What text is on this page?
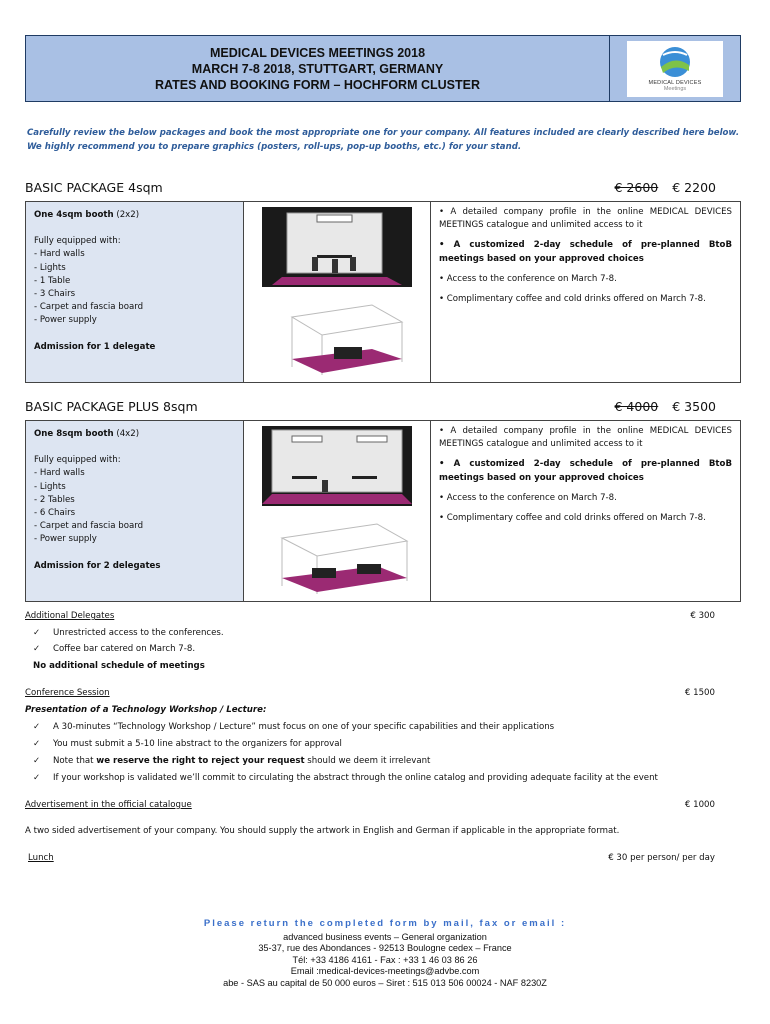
MEDICAL DEVICES MEETINGS 2018
MARCH 7-8 2018, STUTTGART, GERMANY
RATES AND BOOKING FORM – HOCHFORM CLUSTER	MEDICAL DEVICES
Meetings
Carefully review the below packages and book the most appropriate one for your company. All features included are clearly described here below.
We highly recommend you to prepare graphics (posters, roll-ups, pop-up booths, etc.) for your stand.
BASIC PACKAGE 4sqm	€ 2600 € 2200
One 4sqm booth (2x2)
Fully equipped with:
- Hard walls
- Lights
- 1 Table
- 3 Chairs
- Carpet and fascia board
- Power supply
Admission for 1 delegate

• A detailed company profile in the online MEDICAL DEVICES MEETINGS catalogue and unlimited access to it

• A customized 2-day schedule of pre-planned BtoB meetings based on your approved choices

• Access to the conference on March 7-8.

• Complimentary coffee and cold drinks offered on March 7-8.

BASIC PACKAGE PLUS 8sqm	€ 4000 € 3500
One 8sqm booth (4x2)
Fully equipped with:
- Hard walls
- Lights
- 2 Tables
- 6 Chairs
- Carpet and fascia board
- Power supply
Admission for 2 delegates

• A detailed company profile in the online MEDICAL DEVICES MEETINGS catalogue and unlimited access to it

• A customized 2-day schedule of pre-planned BtoB meetings based on your approved choices

• Access to the conference on March 7-8.

• Complimentary coffee and cold drinks offered on March 7-8.

Additional Delegates	€ 300
✓	Unrestricted access to the conferences.
✓	Coffee bar catered on March 7-8.
No additional schedule of meetings
Conference Session	€ 1500
Presentation of a Technology Workshop / Lecture:
✓	A 30-minutes “Technology Workshop / Lecture” must focus on one of your specific capabilities and their applications
✓	You must submit a 5-10 line abstract to the organizers for approval
✓	Note that we reserve the right to reject your request should we deem it irrelevant
✓	If your workshop is validated we’ll commit to circulating the abstract through the online catalog and providing adequate facility at the event
Advertisement in the official catalogue	€ 1000
A two sided advertisement of your company. You should supply the artwork in English and German if applicable in the appropriate format.
Lunch	€ 30 per person/ per day
Please return the completed form by mail, fax or email :
advanced business events – General organization
35-37, rue des Abondances - 92513 Boulogne cedex – France
Tél: +33 4186 4161 - Fax : +33 1 46 03 86 26
Email :medical-devices-meetings@advbe.com
abe - SAS au capital de 50 000 euros – Siret : 515 013 506 00024 - NAF 8230Z
